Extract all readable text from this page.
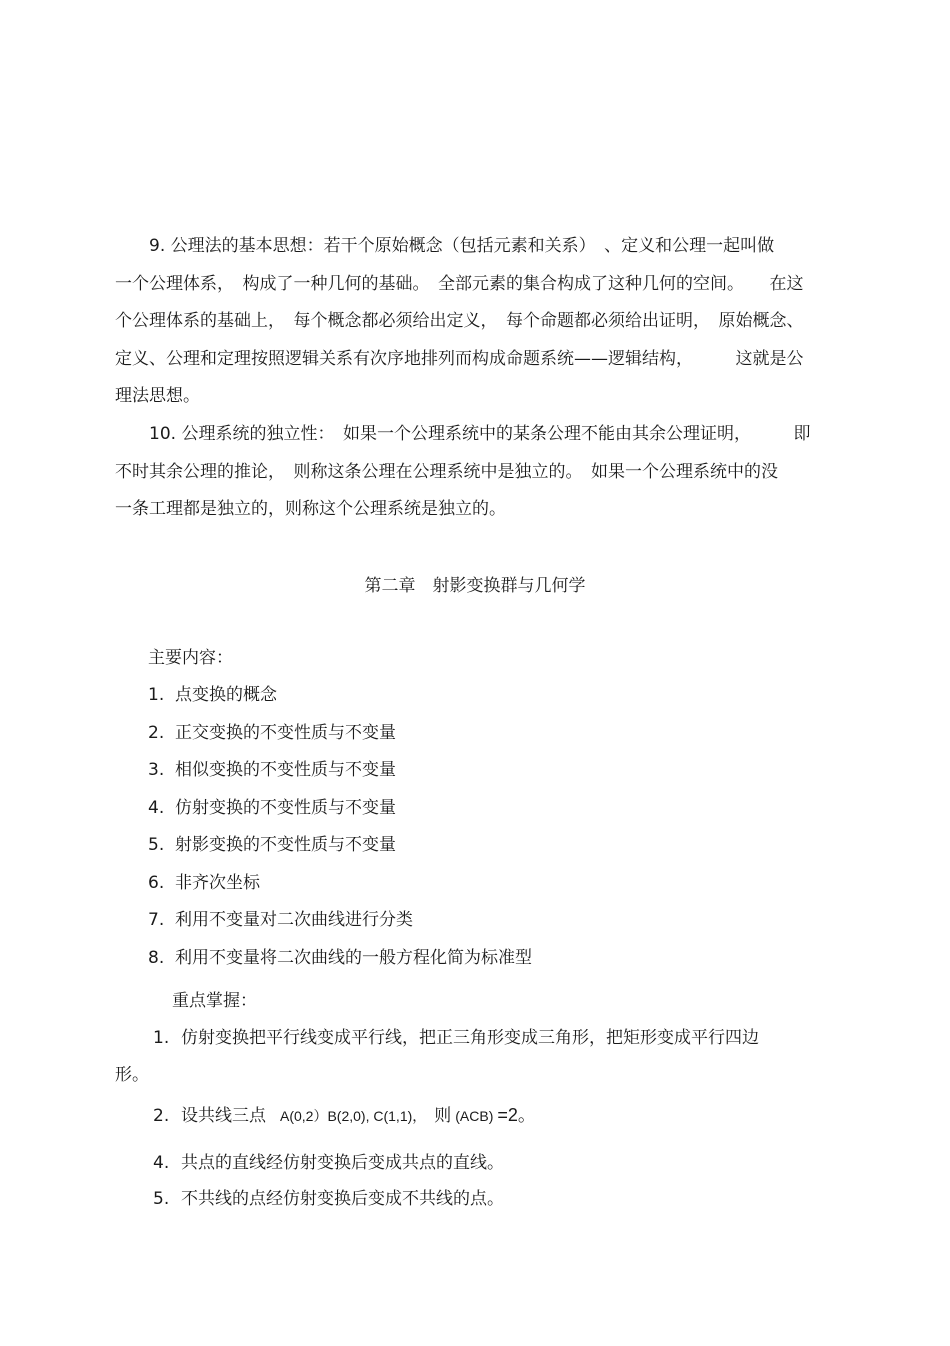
　　9. 公理法的基本思想：若干个原始概念（包括元素和关系）　、定义和公理一起叫做
一个公理体系，　构成了一种几何的基础。　全部元素的集合构成了这种几何的空间。　　在这
个公理体系的基础上，　每个概念都必须给出定义，　每个命题都必须给出证明，　原始概念、
定义、公理和定理按照逻辑关系有次序地排列而构成命题系统——逻辑结构，　　　这就是公
理法思想。
　　10. 公理系统的独立性：　如果一个公理系统中的某条公理不能由其余公理证明，　　　即
不时其余公理的推论，　则称这条公理在公理系统中是独立的。　如果一个公理系统中的没
一条工理都是独立的，则称这个公理系统是独立的。
第二章　射影变换群与几何学
主要内容：
1. 点变换的概念
2. 正交变换的不变性质与不变量
3. 相似变换的不变性质与不变量
4. 仿射变换的不变性质与不变量
5. 射影变换的不变性质与不变量
6. 非齐次坐标
7. 利用不变量对二次曲线进行分类
8. 利用不变量将二次曲线的一般方程化简为标准型
重点掌握：
1. 仿射变换把平行线变成平行线，把正三角形变成三角形，把矩形变成平行四边
形。
2. 设共线三点 A(0,2）B(2,0), C(1,1)， 则 (ACB) =2。
4. 共点的直线经仿射变换后变成共点的直线。
5. 不共线的点经仿射变换后变成不共线的点。
